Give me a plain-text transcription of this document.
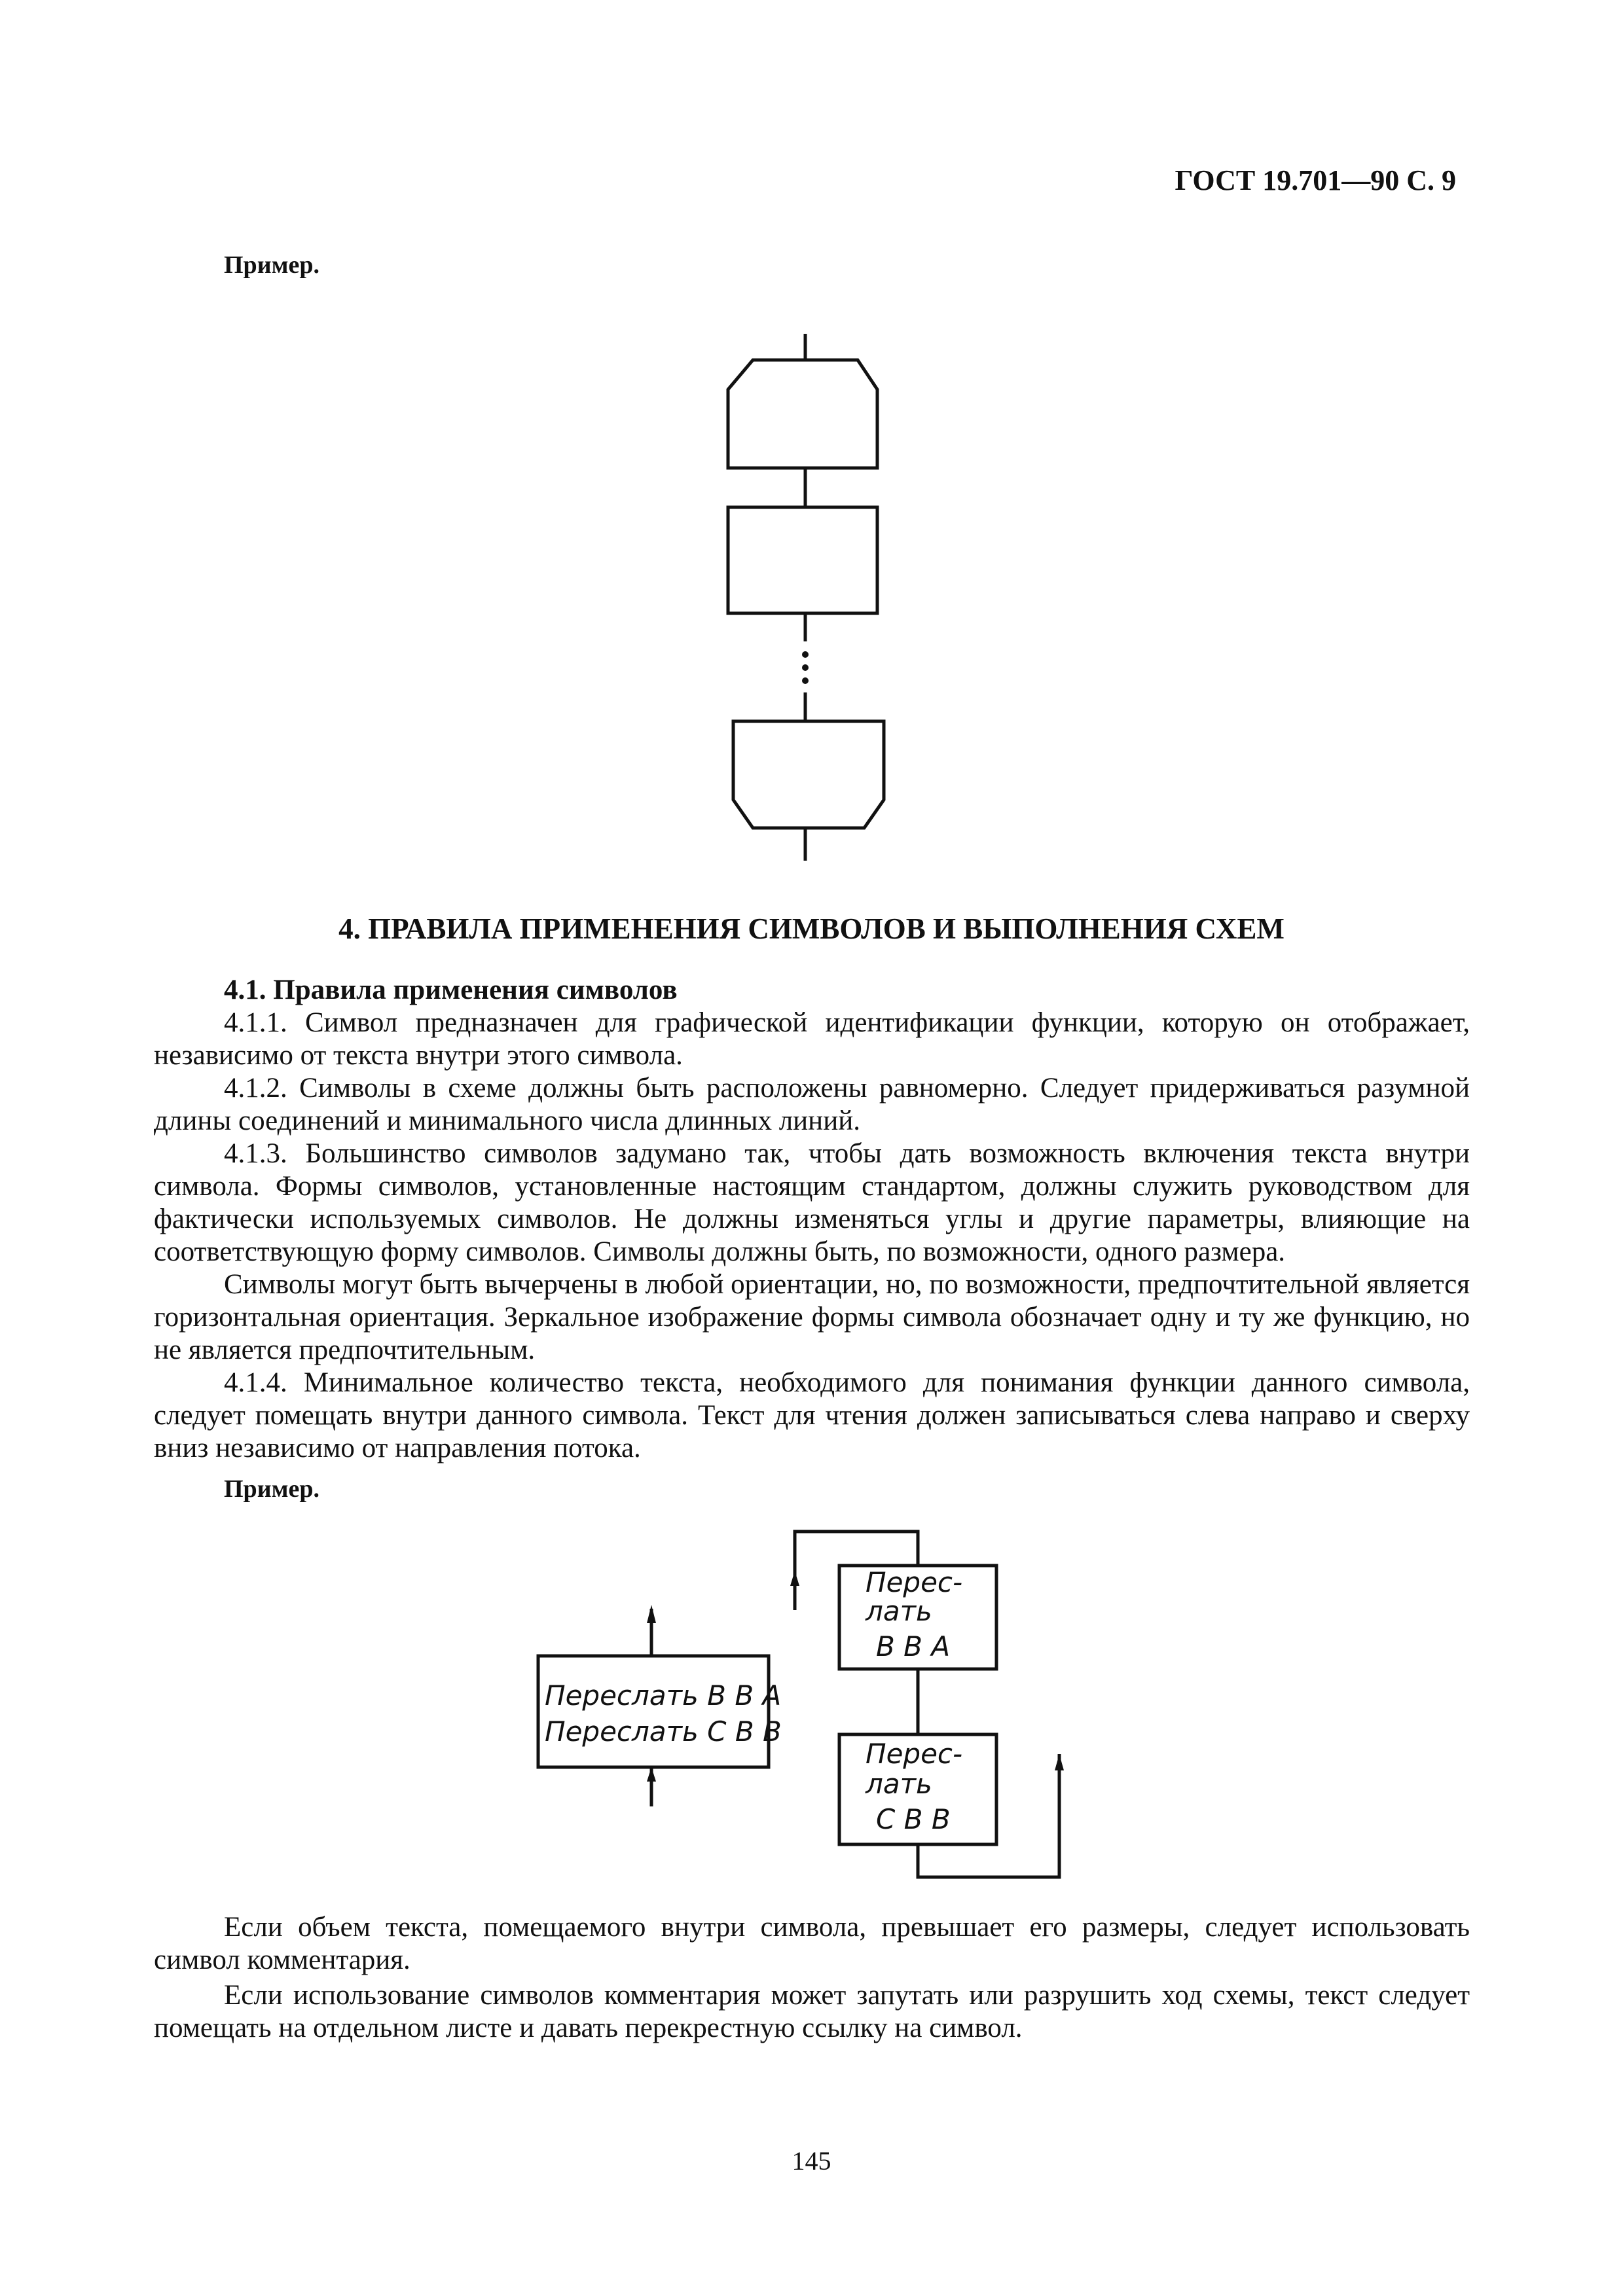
ГОСТ 19.701—90 С. 9
Пример.
4. ПРАВИЛА ПРИМЕНЕНИЯ СИМВОЛОВ И ВЫПОЛНЕНИЯ СХЕМ

4.1. Правила применения символов

4.1.1. Символ предназначен для графической идентификации функции, которую он отображает, независимо от текста внутри этого символа.

4.1.2. Символы в схеме должны быть расположены равномерно. Следует придерживаться разумной длины соединений и минимального числа длинных линий.

4.1.3. Большинство символов задумано так, чтобы дать возможность включения текста внутри символа. Формы символов, установленные настоящим стандартом, должны служить руководством для фактически используемых символов. Не должны изменяться углы и другие параметры, влияющие на соответствующую форму символов. Символы должны быть, по возможности, одного размера.

Символы могут быть вычерчены в любой ориентации, но, по возможности, предпочтительной является горизонтальная ориентация. Зеркальное изображение формы символа обозначает одну и ту же функцию, но не является предпочтительным.

4.1.4. Минимальное количество текста, необходимого для понимания функции данного символа, следует помещать внутри данного символа. Текст для чтения должен записываться слева направо и сверху вниз независимо от направления потока.

Пример.
Переслать В В А
Переслать С В В
Перес-
лать
В В А
Перес-
лать
С В В

Если объем текста, помещаемого внутри символа, превышает его размеры, следует использовать символ комментария.

Если использование символов комментария может запутать или разрушить ход схемы, текст следует помещать на отдельном листе и давать перекрестную ссылку на символ.

145
